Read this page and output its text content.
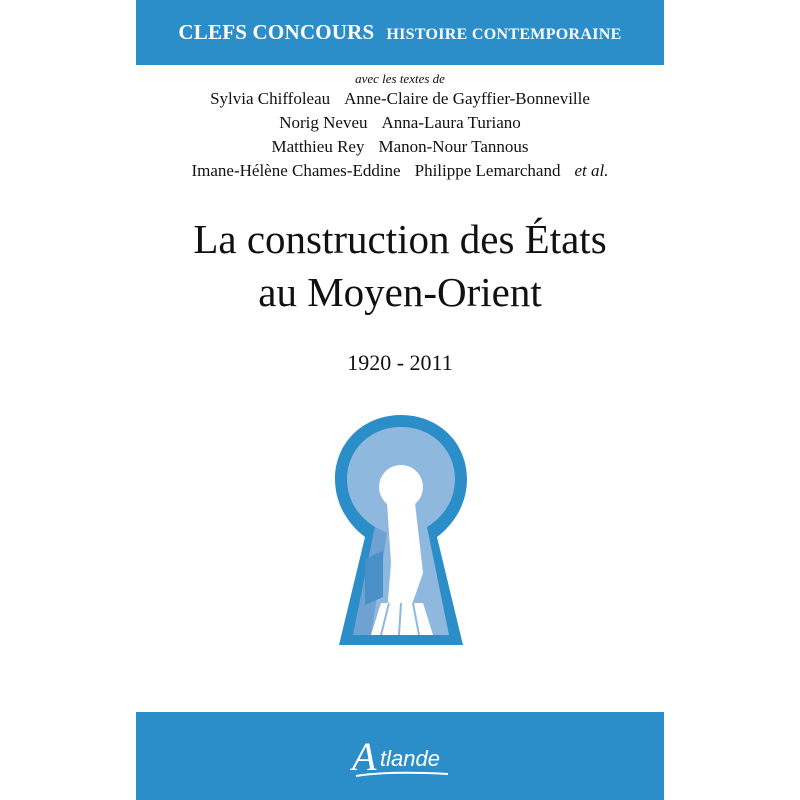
CLEFS CONCOURS HISTOIRE CONTEMPORAINE
avec les textes de
Sylvia Chiffoleau Anne-Claire de Gayffier-Bonneville
Norig Neveu Anna-Laura Turiano
Matthieu Rey Manon-Nour Tannous
Imane-Hélène Chames-Eddine Philippe Lemarchand et al.
La construction des États
au Moyen-Orient
1920 - 2011
A tlande
